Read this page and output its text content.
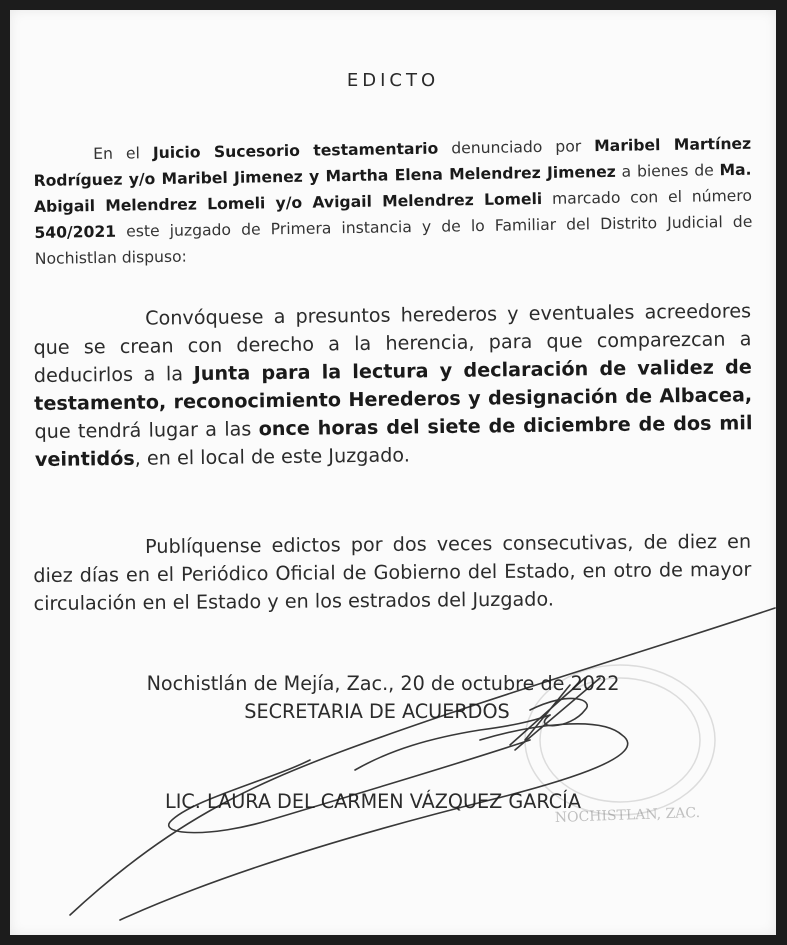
EDICTO
En el Juicio Sucesorio testamentario denunciado por Maribel Martínez Rodríguez y/o Maribel Jimenez y Martha Elena Melendrez Jimenez a bienes de Ma. Abigail Melendrez Lomeli y/o Avigail Melendrez Lomeli marcado con el número 540/2021 este juzgado de Primera instancia y de lo Familiar del Distrito Judicial de Nochistlan dispuso:
Convóquese a presuntos herederos y eventuales acreedores que se crean con derecho a la herencia, para que comparezcan a deducirlos a la Junta para la lectura y declaración de validez de testamento, reconocimiento Herederos y designación de Albacea, que tendrá lugar a las once horas del siete de diciembre de dos mil veintidós, en el local de este Juzgado.
Publíquense edictos por dos veces consecutivas, de diez en diez días en el Periódico Oficial de Gobierno del Estado, en otro de mayor circulación en el Estado y en los estrados del Juzgado.
Nochistlán de Mejía, Zac., 20 de octubre de 2022
SECRETARIA DE ACUERDOS
LIC. LAURA DEL CARMEN VÁZQUEZ GARCÍA
NOCHISTLAN, ZAC.
